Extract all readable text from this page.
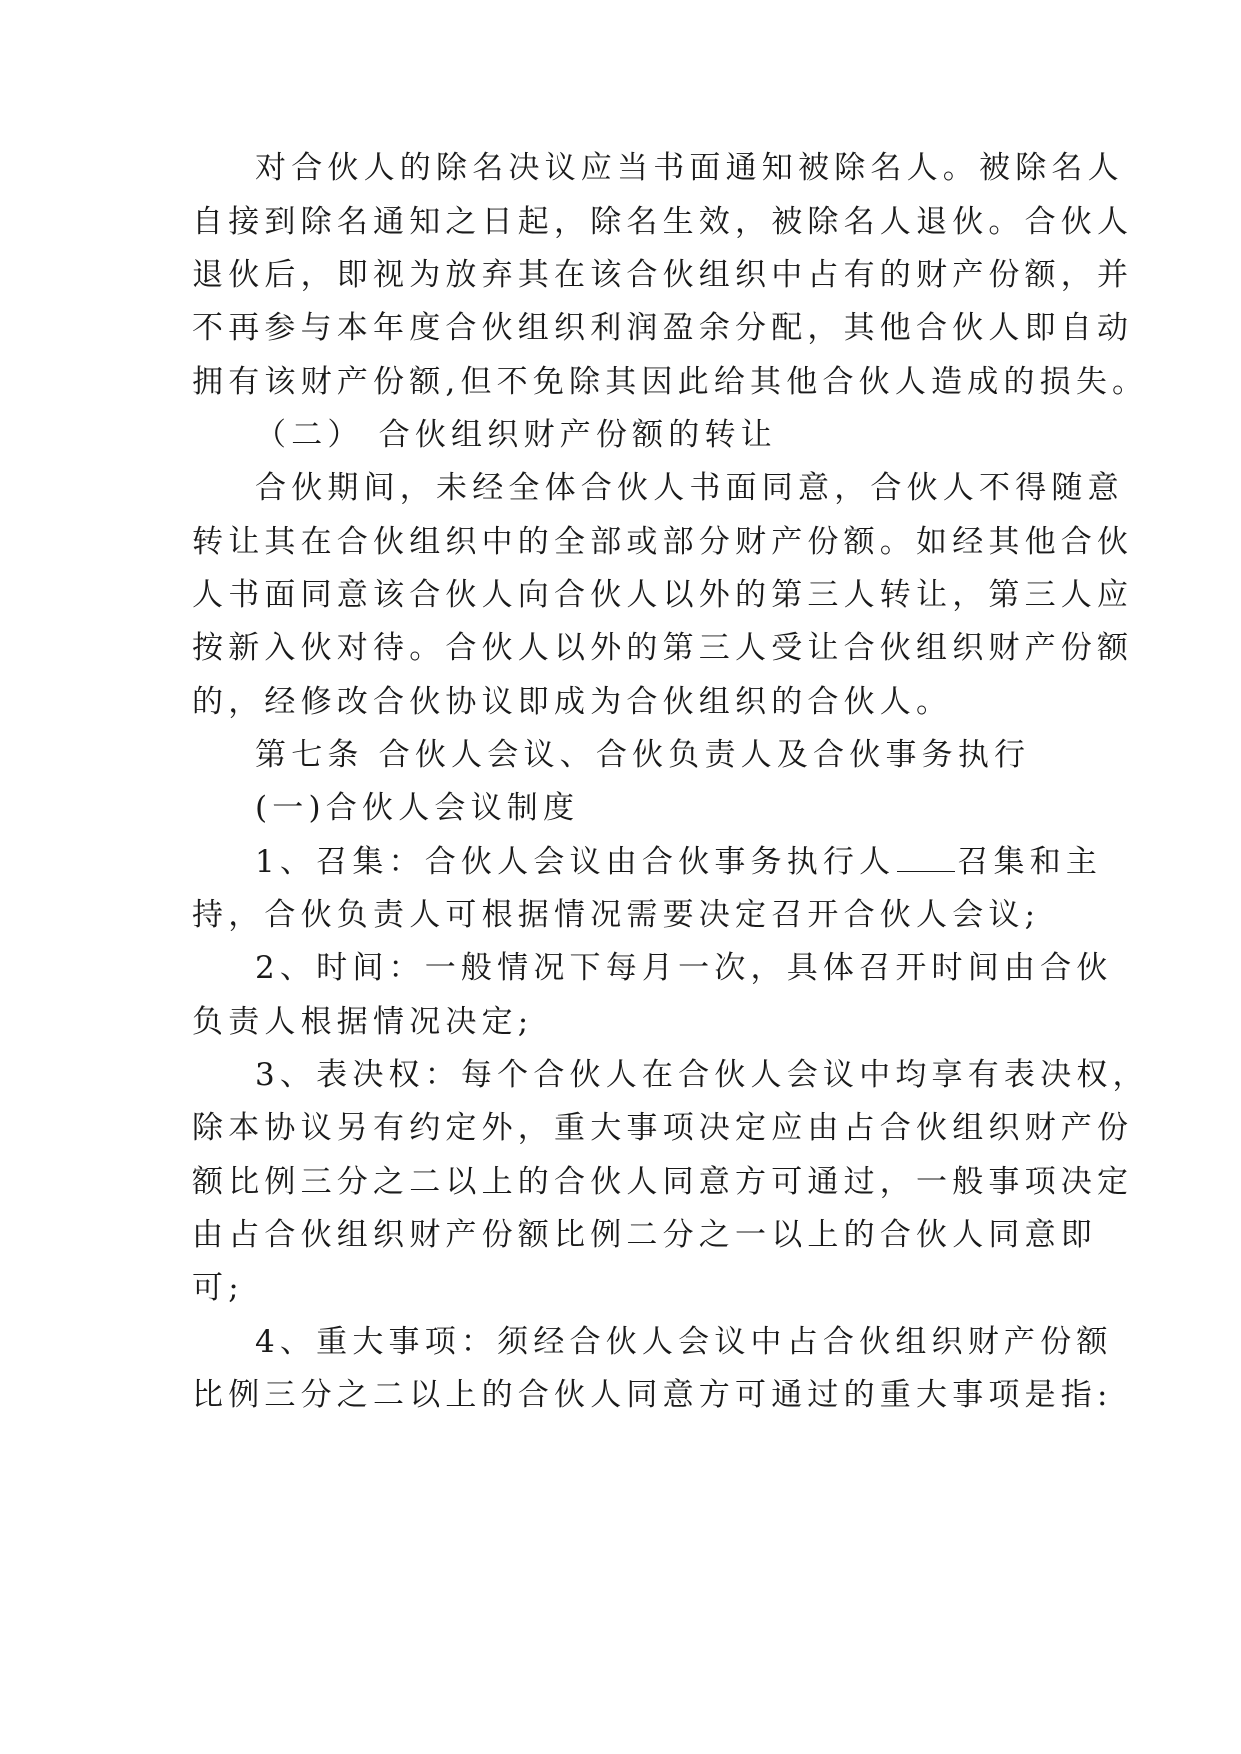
对合伙人的除名决议应当书面通知被除名人。被除名人
自接到除名通知之日起，除名生效，被除名人退伙。合伙人
退伙后，即视为放弃其在该合伙组织中占有的财产份额，并
不再参与本年度合伙组织利润盈余分配，其他合伙人即自动
拥有该财产份额,但不免除其因此给其他合伙人造成的损失。
（二） 合伙组织财产份额的转让
合伙期间，未经全体合伙人书面同意，合伙人不得随意
转让其在合伙组织中的全部或部分财产份额。如经其他合伙
人书面同意该合伙人向合伙人以外的第三人转让，第三人应
按新入伙对待。合伙人以外的第三人受让合伙组织财产份额
的，经修改合伙协议即成为合伙组织的合伙人。
第七条 合伙人会议、合伙负责人及合伙事务执行
(一)合伙人会议制度
1、召集：合伙人会议由合伙事务执行人 召集和主
持，合伙负责人可根据情况需要决定召开合伙人会议;
2、时间：一般情况下每月一次，具体召开时间由合伙
负责人根据情况决定;
3、表决权：每个合伙人在合伙人会议中均享有表决权，
除本协议另有约定外，重大事项决定应由占合伙组织财产份
额比例三分之二以上的合伙人同意方可通过，一般事项决定
由占合伙组织财产份额比例二分之一以上的合伙人同意即
可;
4、重大事项：须经合伙人会议中占合伙组织财产份额
比例三分之二以上的合伙人同意方可通过的重大事项是指:
